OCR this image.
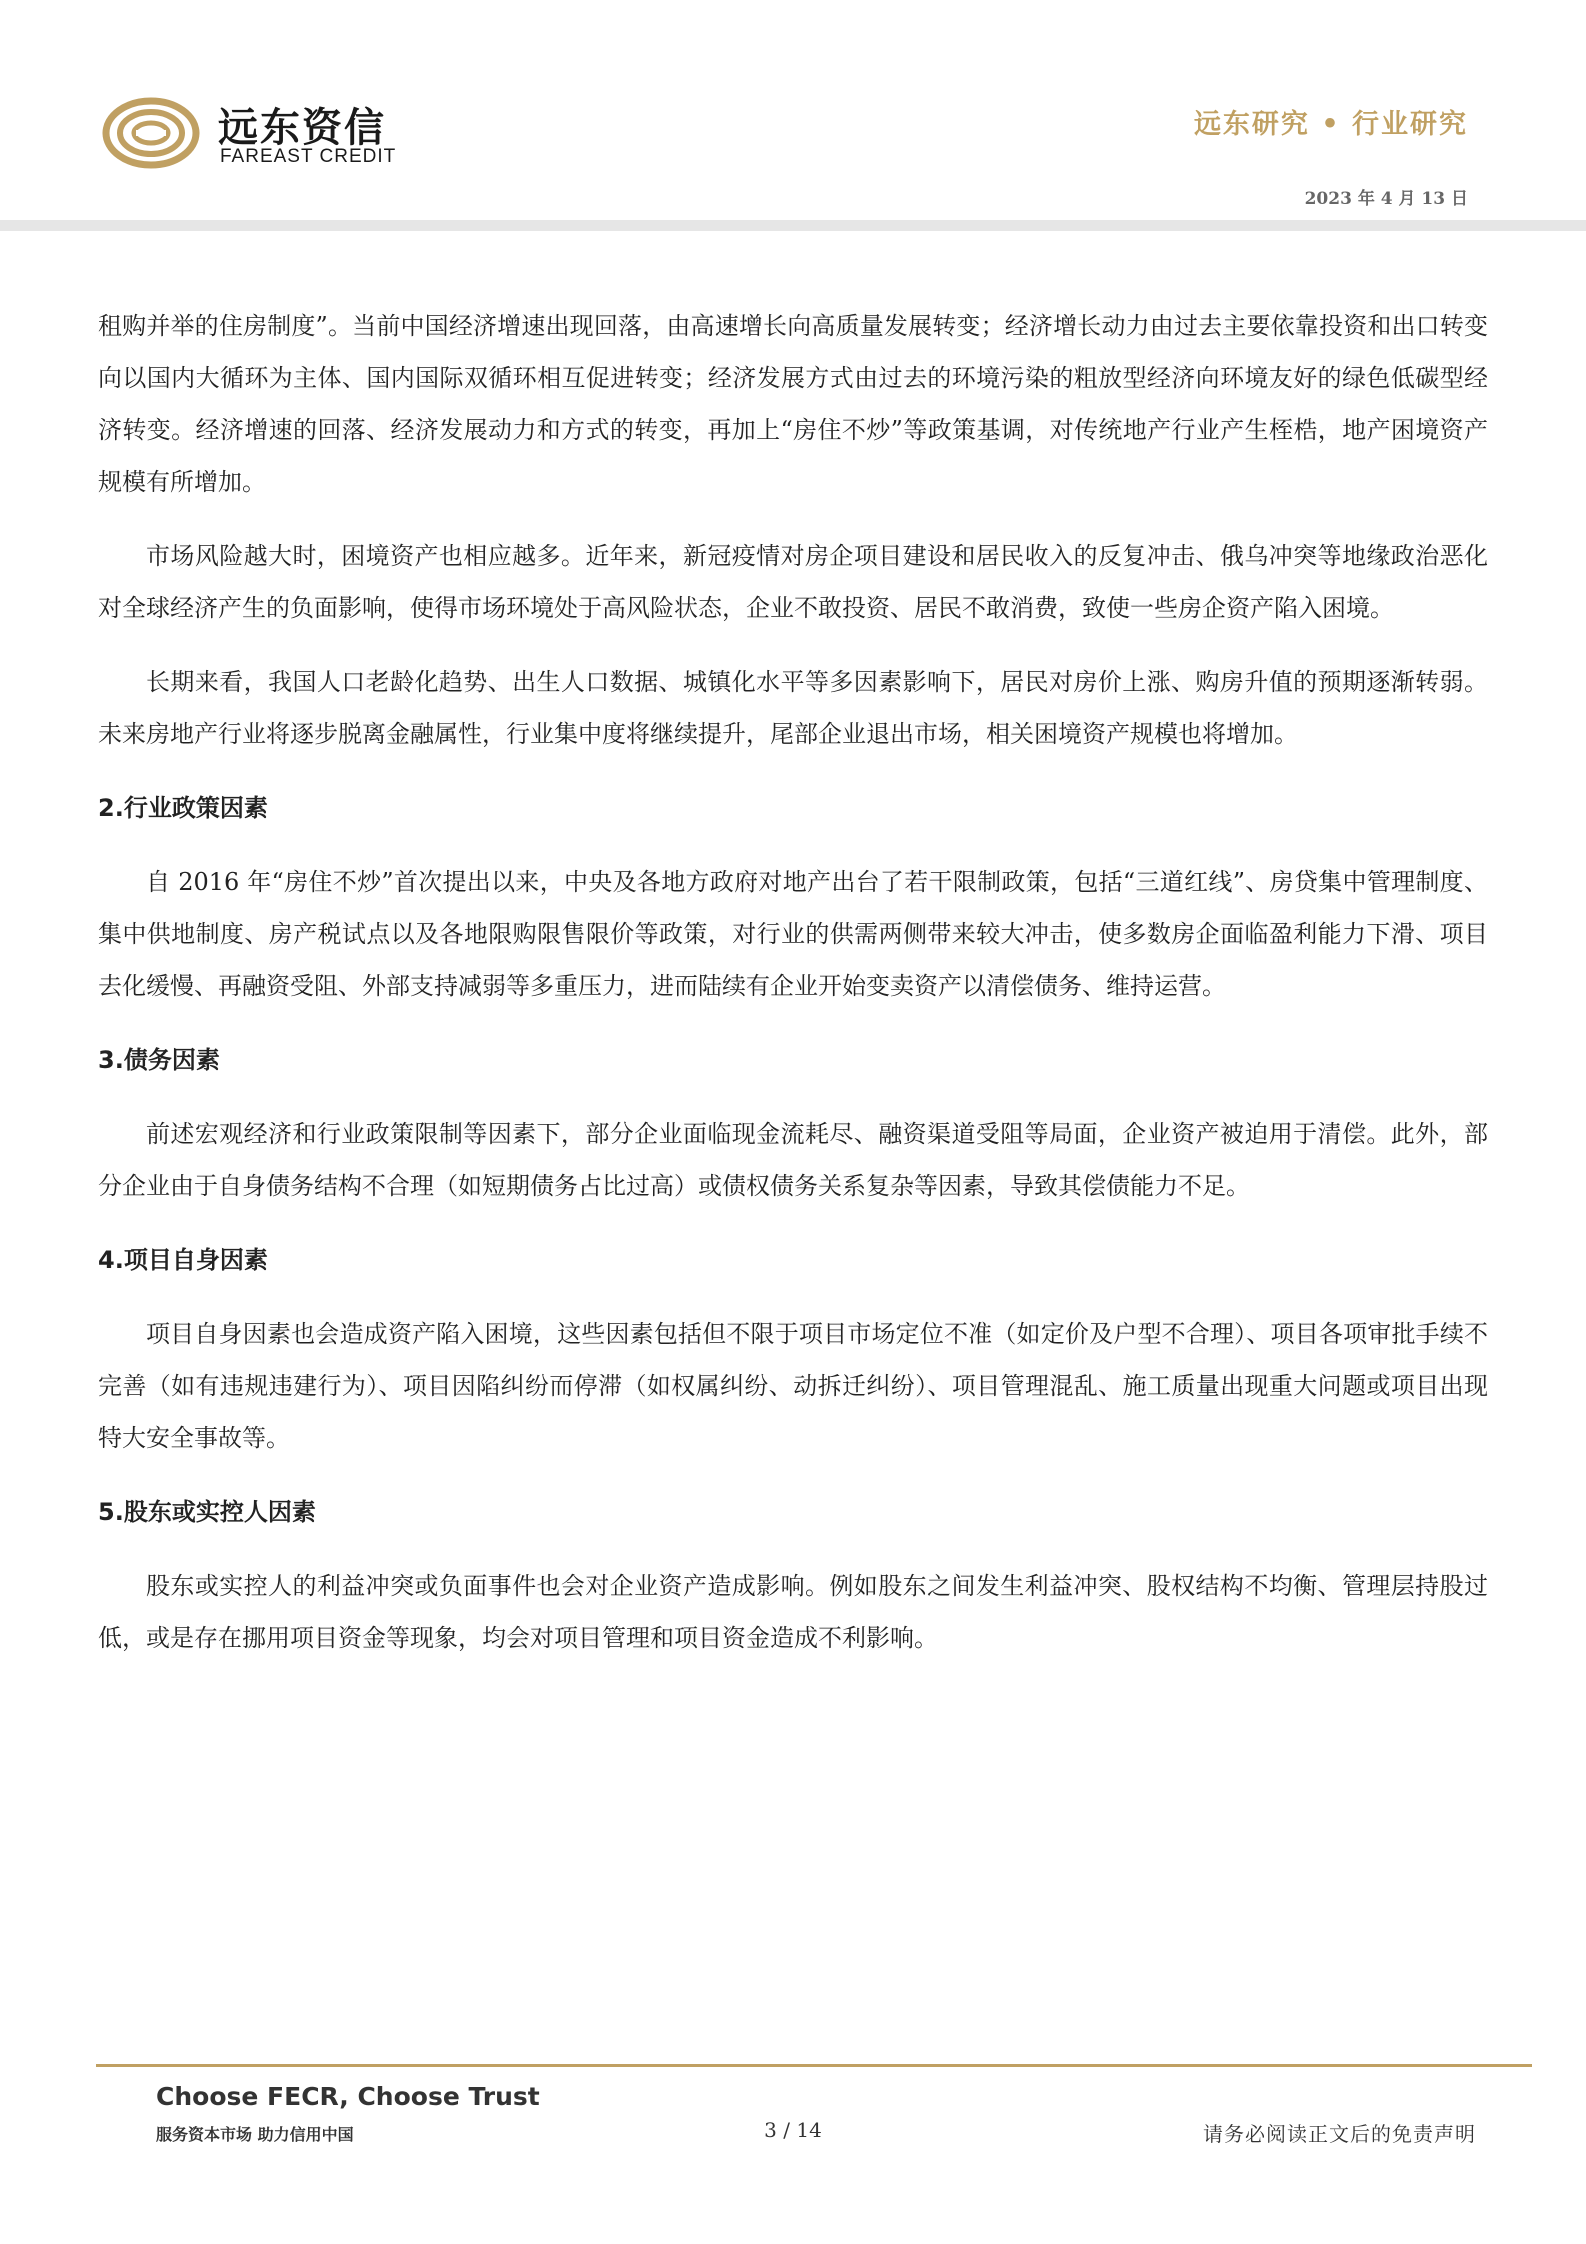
远东资信
FAREAST CREDIT
远东研究 • 行业研究
2023 年 4 月 13 日

租购并举的住房制度”。当前中国经济增速出现回落，由高速增长向高质量发展转变；经济增长动力由过去主要依靠投资和出口转变向以国内大循环为主体、国内国际双循环相互促进转变；经济发展方式由过去的环境污染的粗放型经济向环境友好的绿色低碳型经济转变。经济增速的回落、经济发展动力和方式的转变，再加上“房住不炒”等政策基调，对传统地产行业产生桎梏，地产困境资产规模有所增加。

市场风险越大时，困境资产也相应越多。近年来，新冠疫情对房企项目建设和居民收入的反复冲击、俄乌冲突等地缘政治恶化对全球经济产生的负面影响，使得市场环境处于高风险状态，企业不敢投资、居民不敢消费，致使一些房企资产陷入困境。

长期来看，我国人口老龄化趋势、出生人口数据、城镇化水平等多因素影响下，居民对房价上涨、购房升值的预期逐渐转弱。未来房地产行业将逐步脱离金融属性，行业集中度将继续提升，尾部企业退出市场，相关困境资产规模也将增加。

2.行业政策因素

自 2016 年“房住不炒”首次提出以来，中央及各地方政府对地产出台了若干限制政策，包括“三道红线”、房贷集中管理制度、集中供地制度、房产税试点以及各地限购限售限价等政策，对行业的供需两侧带来较大冲击，使多数房企面临盈利能力下滑、项目去化缓慢、再融资受阻、外部支持减弱等多重压力，进而陆续有企业开始变卖资产以清偿债务、维持运营。

3.债务因素

前述宏观经济和行业政策限制等因素下，部分企业面临现金流耗尽、融资渠道受阻等局面，企业资产被迫用于清偿。此外，部分企业由于自身债务结构不合理（如短期债务占比过高）或债权债务关系复杂等因素，导致其偿债能力不足。

4.项目自身因素

项目自身因素也会造成资产陷入困境，这些因素包括但不限于项目市场定位不准（如定价及户型不合理）、项目各项审批手续不完善（如有违规违建行为）、项目因陷纠纷而停滞（如权属纠纷、动拆迁纠纷）、项目管理混乱、施工质量出现重大问题或项目出现特大安全事故等。

5.股东或实控人因素

股东或实控人的利益冲突或负面事件也会对企业资产造成影响。例如股东之间发生利益冲突、股权结构不均衡、管理层持股过低，或是存在挪用项目资金等现象，均会对项目管理和项目资金造成不利影响。

Choose FECR, Choose Trust
服务资本市场 助力信用中国	3 / 14	请务必阅读正文后的免责声明
